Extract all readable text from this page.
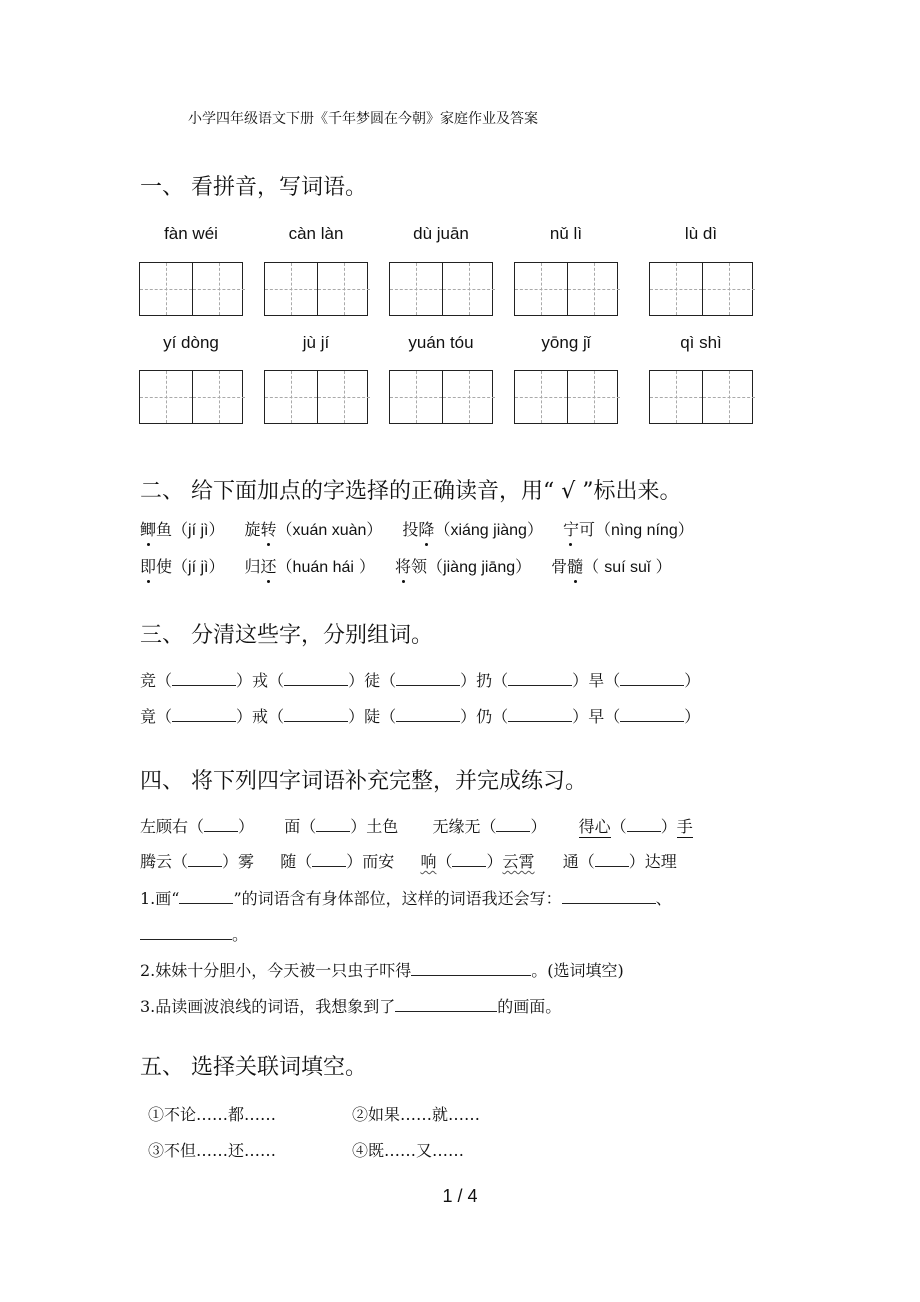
小学四年级语文下册《千年梦圆在今朝》家庭作业及答案
一、 看拼音，写词语。
fàn wéi	càn làn	dù juān	nǔ lì	lù dì
yí dònɡ	jù jí	yuán tóu	yōnɡ jǐ	qì shì
二、 给下面加点的字选择的正确读音，用“ √ ”标出来。
鲫鱼（jí jì） 旋转（xuán xuàn） 投降（xiánɡ jiànɡ） 宁可（nìnɡ nínɡ）
即使（jí jì） 归还（huán hái ） 将领（jiànɡ jiānɡ） 骨髓（ suí suǐ ）
三、 分清这些字，分别组词。
竞（	）戎（	）徒（	）扔（	）旱（	）
竟（	）戒（	）陡（	）仍（	）早（	）
四、 将下列四字词语补充完整，并完成练习。
左顾右（ ） 面（ ）土色 无缘无（ ） 得心（ ）手
腾云（ ）雾 随（ ）而安 响（ ）云霄 通（ ）达理
1.画“	”的词语含有身体部位，这样的词语我还会写：	、
。
2.妹妹十分胆小，今天被一只虫子吓得	。(选词填空)
3.品读画波浪线的词语，我想象到了	的画面。
五、 选择关联词填空。
①不论……都……	②如果……就……
③不但……还……	④既……又……
1 / 4
